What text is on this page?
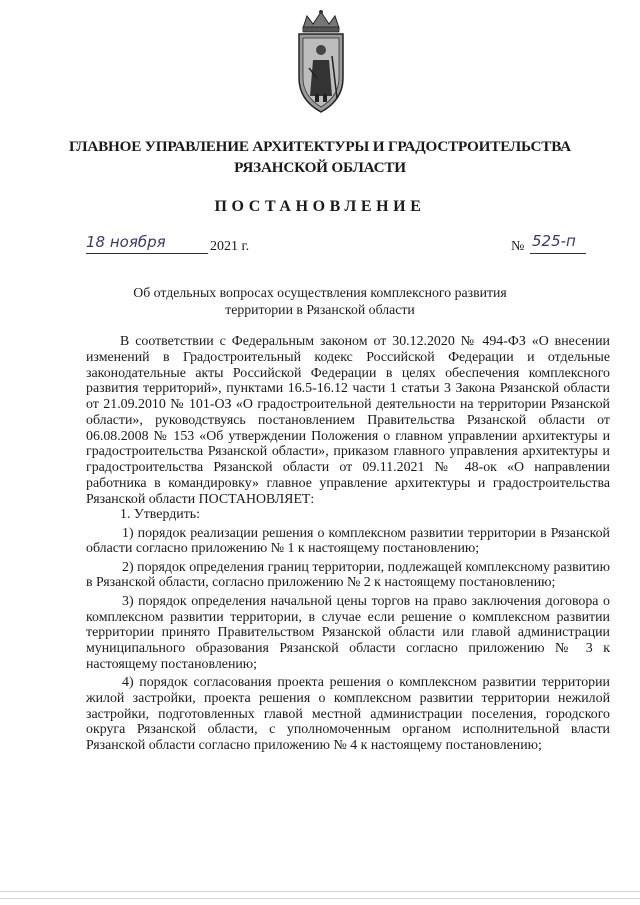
ГЛАВНОЕ УПРАВЛЕНИЕ АРХИТЕКТУРЫ И ГРАДОСТРОИТЕЛЬСТВА
РЯЗАНСКОЙ ОБЛАСТИ
ПОСТАНОВЛЕНИЕ
18 ноября	2021 г.	№ 525-п
Об отдельных вопросах осуществления комплексного развития
территории в Рязанской области

В соответствии с Федеральным законом от 30.12.2020 № 494-ФЗ «О внесении изменений в Градостроительный кодекс Российской Федерации и отдельные законодательные акты Российской Федерации в целях обеспечения комплексного развития территорий», пунктами 16.5-16.12 части 1 статьи 3 Закона Рязанской области от 21.09.2010 № 101-ОЗ «О градостроительной деятельности на территории Рязанской области», руководствуясь постановлением Правительства Рязанской области от 06.08.2008 № 153 «Об утверждении Положения о главном управлении архитектуры и градостроительства Рязанской области», приказом главного управления архитектуры и градостроительства Рязанской области от 09.11.2021 № 48-ок «О направлении работника в командировку» главное управление архитектуры и градостроительства Рязанской области ПОСТАНОВЛЯЕТ:

1. Утвердить:

1) порядок реализации решения о комплексном развитии территории в Рязанской области согласно приложению № 1 к настоящему постановлению;

2) порядок определения границ территории, подлежащей комплексному развитию в Рязанской области, согласно приложению № 2 к настоящему постановлению;

3) порядок определения начальной цены торгов на право заключения договора о комплексном развитии территории, в случае если решение о комплексном развитии территории принято Правительством Рязанской области или главой администрации муниципального образования Рязанской области согласно приложению № 3 к настоящему постановлению;

4) порядок согласования проекта решения о комплексном развитии территории жилой застройки, проекта решения о комплексном развитии территории нежилой застройки, подготовленных главой местной администрации поселения, городского округа Рязанской области, с уполномоченным органом исполнительной власти Рязанской области согласно приложению № 4 к настоящему постановлению;
